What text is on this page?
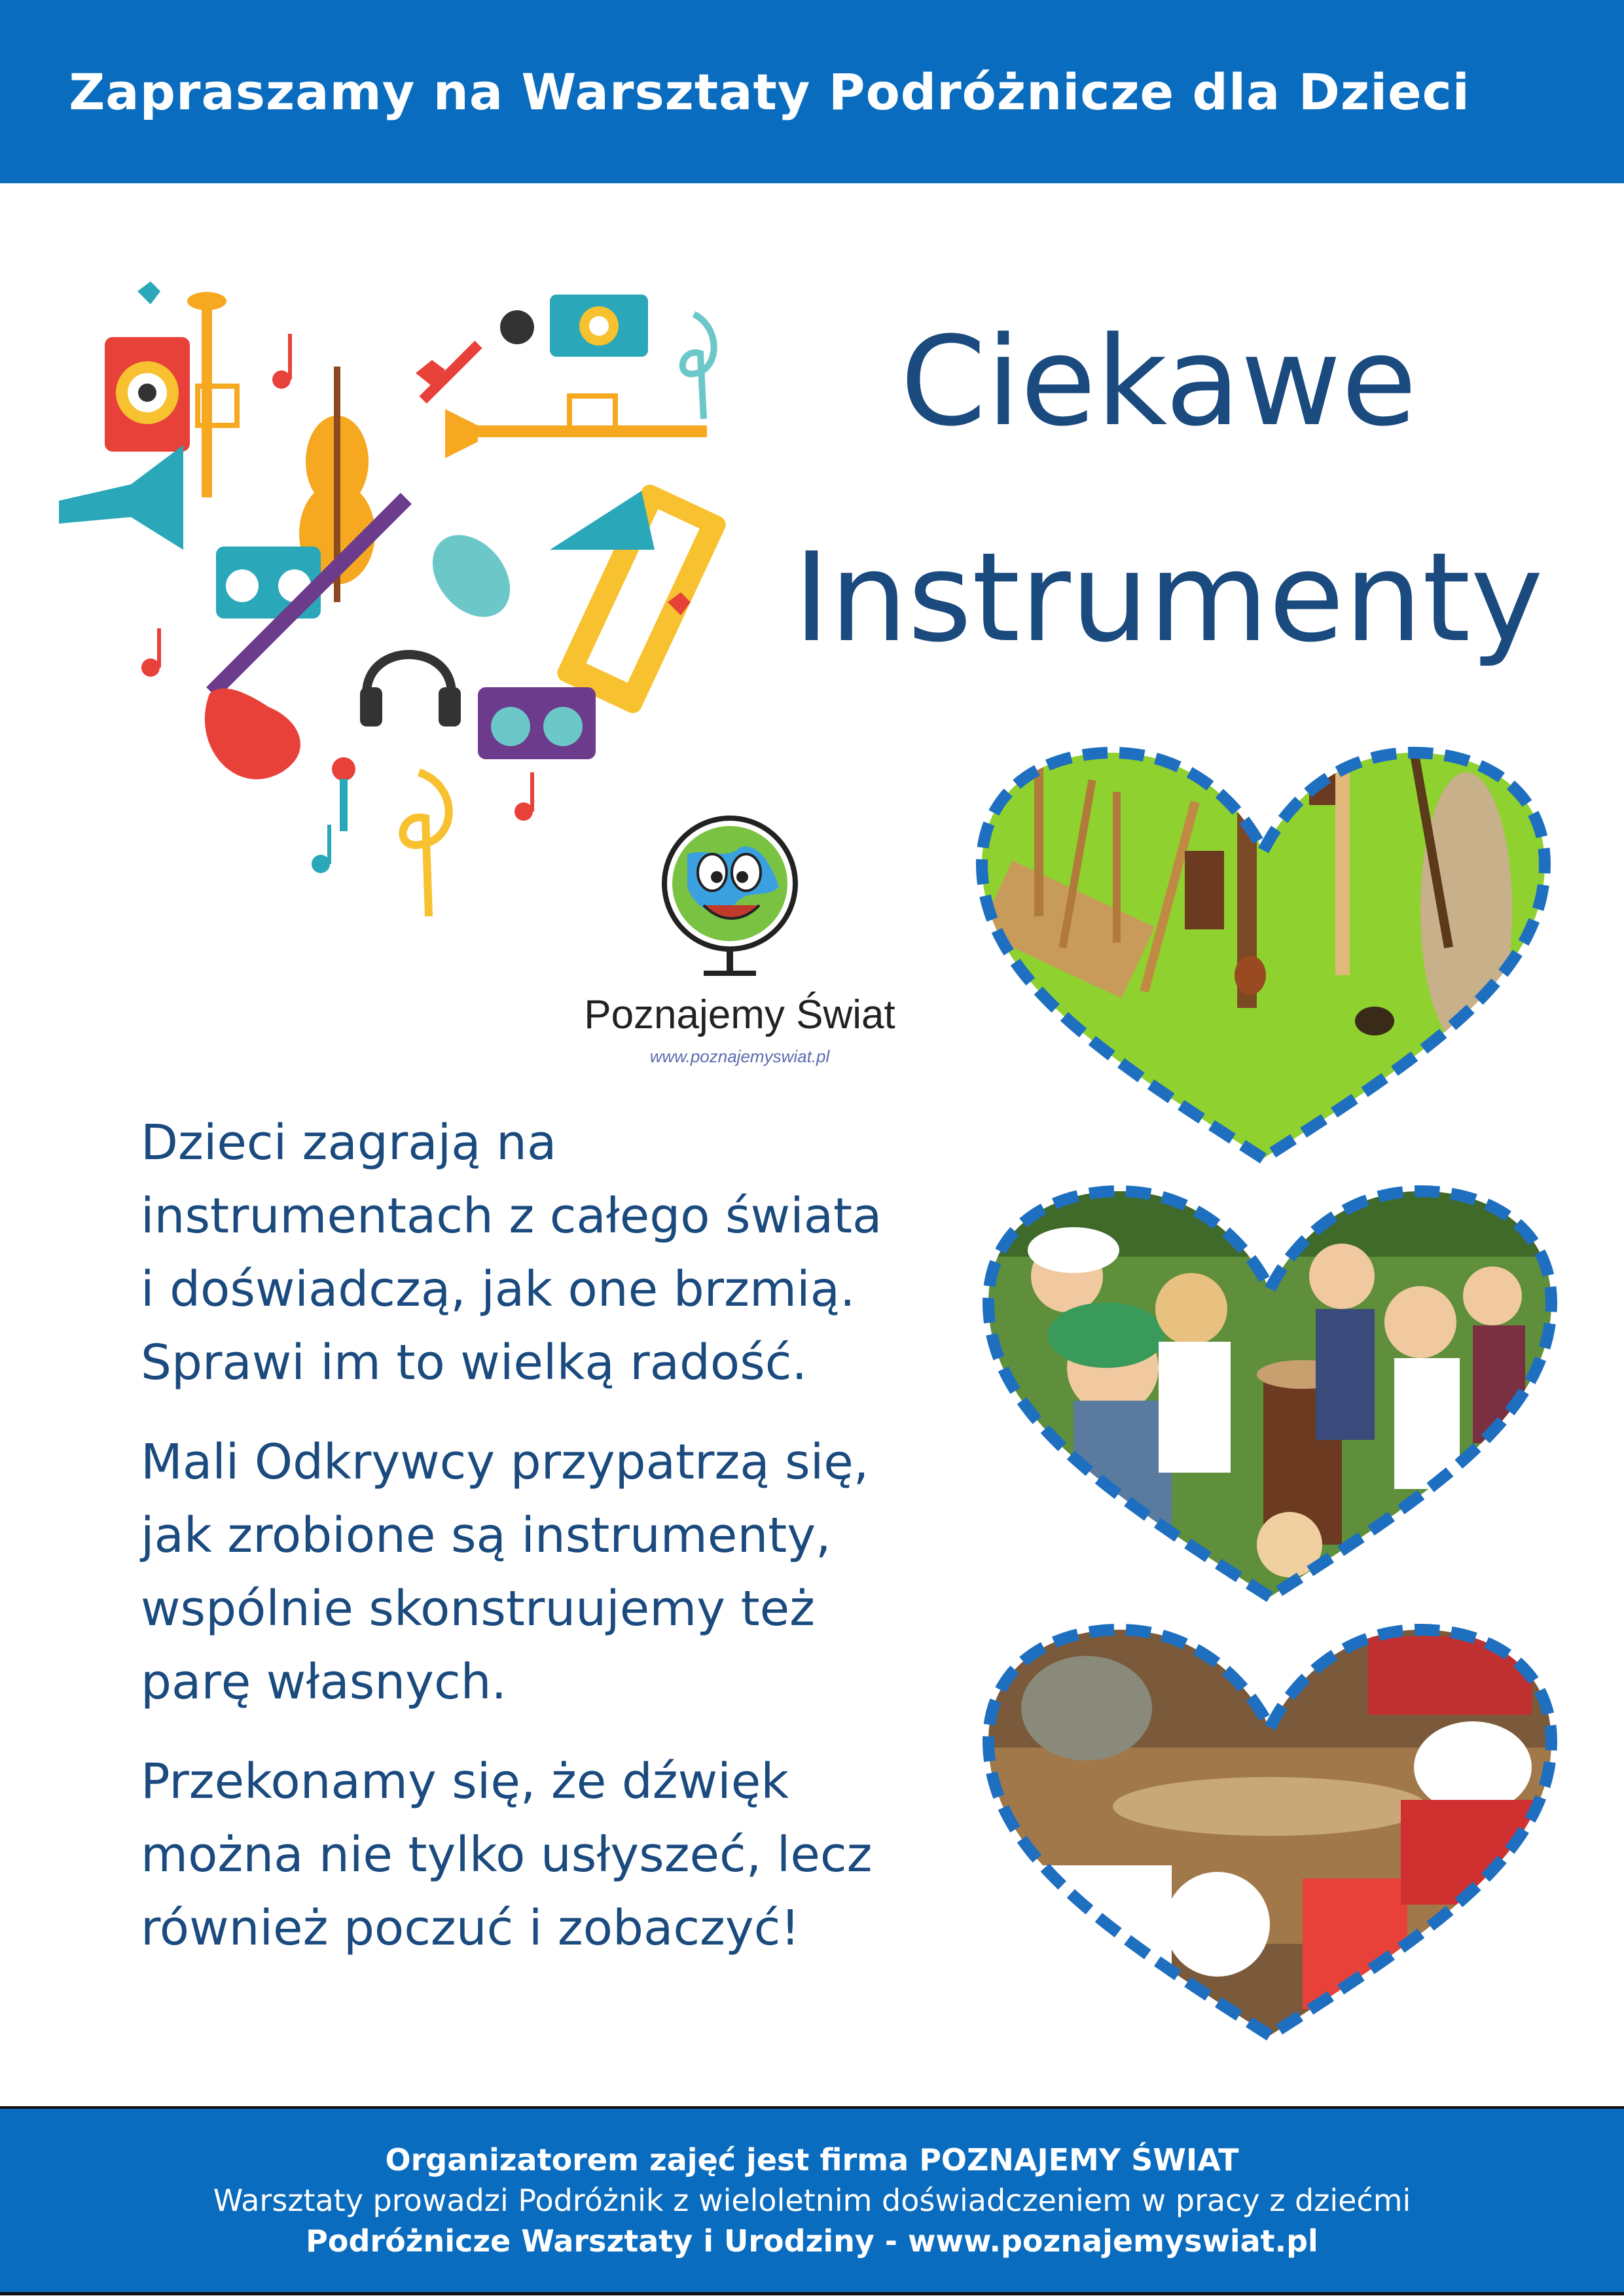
Zapraszamy na Warsztaty Podróżnicze dla Dzieci
Ciekawe
Instrumenty
Poznajemy Świat
www.poznajemyswiat.pl

Dzieci zagrają na
instrumentach z całego świata
i doświadczą, jak one brzmią.
Sprawi im to wielką radość.

Mali Odkrywcy przypatrzą się,
jak zrobione są instrumenty,
wspólnie skonstruujemy też
parę własnych.

Przekonamy się, że dźwięk
można nie tylko usłyszeć, lecz
również poczuć i zobaczyć!

Organizatorem zajęć jest firma POZNAJEMY ŚWIAT
Warsztaty prowadzi Podróżnik z wieloletnim doświadczeniem w pracy z dziećmi
Podróżnicze Warsztaty i Urodziny - www.poznajemyswiat.pl
